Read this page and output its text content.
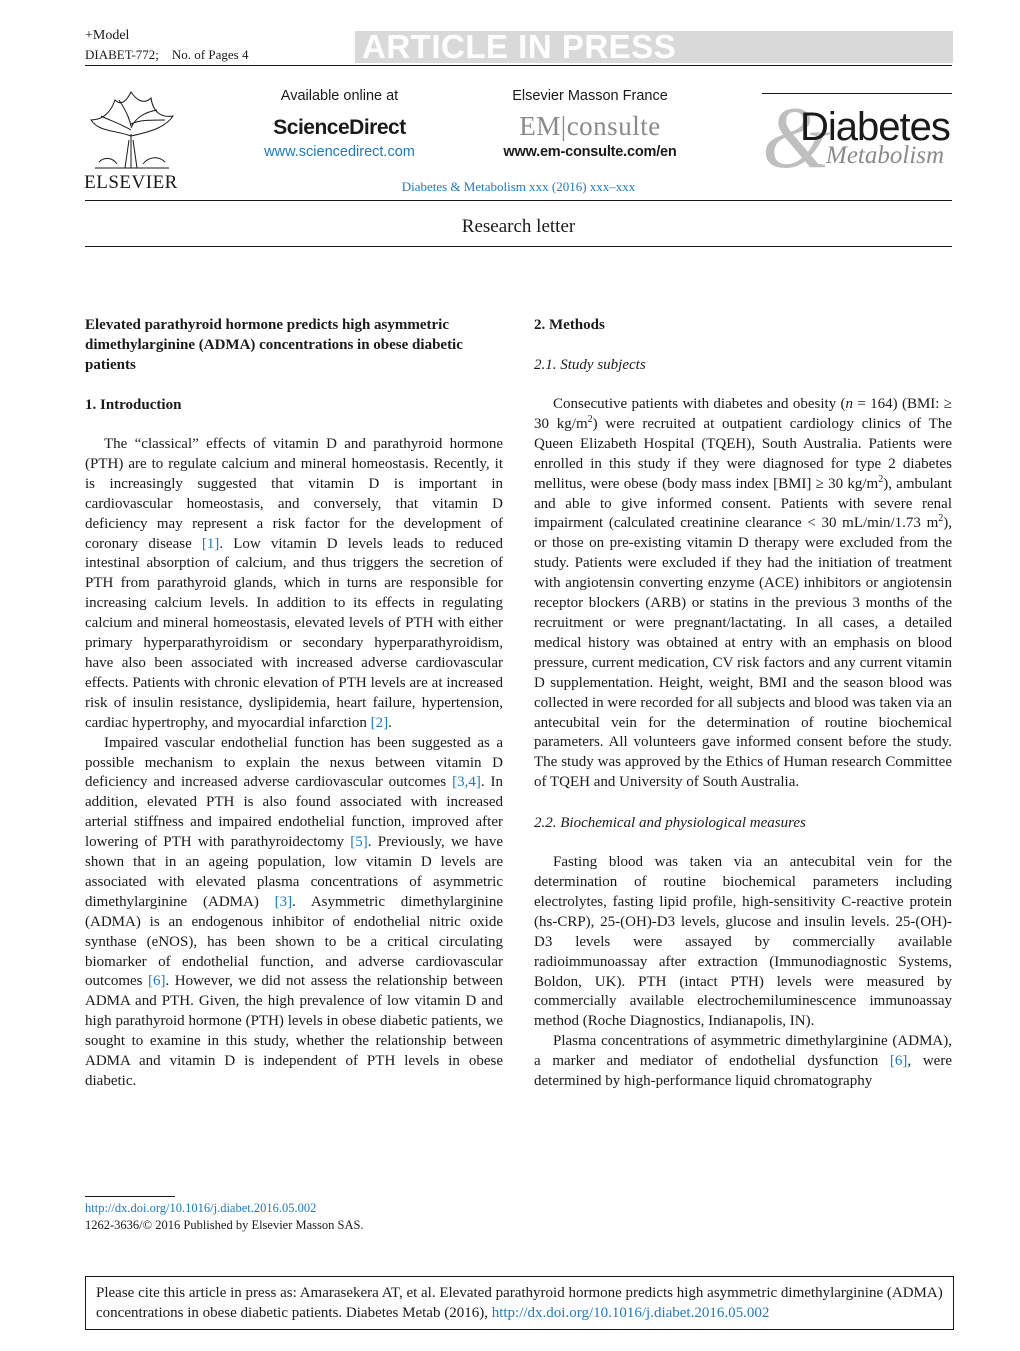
+Model
DIABET-772; No. of Pages 4	ARTICLE IN PRESS
ELSEVIER
Available online at
ScienceDirect
www.sciencedirect.com
Elsevier Masson France
EM|consulte
www.em-consulte.com/en &
Diabetes
Metabolism
Diabetes & Metabolism xxx (2016) xxx–xxx
Research letter
Elevated parathyroid hormone predicts high asymmetric dimethylarginine (ADMA) concentrations in obese diabetic patients
1. Introduction

The “classical” effects of vitamin D and parathyroid hormone (PTH) are to regulate calcium and mineral homeostasis. Recently, it is increasingly suggested that vitamin D is important in cardiovascular homeostasis, and conversely, that vitamin D deficiency may represent a risk factor for the development of coronary disease [1]. Low vitamin D levels leads to reduced intestinal absorption of calcium, and thus triggers the secretion of PTH from parathyroid glands, which in turns are responsible for increasing calcium levels. In addition to its effects in regulating calcium and mineral homeostasis, elevated levels of PTH with either primary hyperparathyroidism or secondary hyperparathyroidism, have also been associated with increased adverse cardiovascular effects. Patients with chronic elevation of PTH levels are at increased risk of insulin resistance, dyslipidemia, heart failure, hypertension, cardiac hypertrophy, and myocardial infarction [2].

Impaired vascular endothelial function has been suggested as a possible mechanism to explain the nexus between vitamin D deficiency and increased adverse cardiovascular outcomes [3,4]. In addition, elevated PTH is also found associated with increased arterial stiffness and impaired endothelial function, improved after lowering of PTH with parathyroidectomy [5]. Previously, we have shown that in an ageing population, low vitamin D levels are associated with elevated plasma concentrations of asymmetric dimethylarginine (ADMA) [3]. Asymmetric dimethylarginine (ADMA) is an endogenous inhibitor of endothelial nitric oxide synthase (eNOS), has been shown to be a critical circulating biomarker of endothelial function, and adverse cardiovascular outcomes [6]. However, we did not assess the relationship between ADMA and PTH. Given, the high prevalence of low vitamin D and high parathyroid hormone (PTH) levels in obese diabetic patients, we sought to examine in this study, whether the relationship between ADMA and vitamin D is independent of PTH levels in obese diabetic.

2. Methods
2.1. Study subjects

Consecutive patients with diabetes and obesity (n = 164) (BMI: ≥ 30 $kg/m^2$) were recruited at outpatient cardiology clinics of The Queen Elizabeth Hospital (TQEH), South Australia. Patients were enrolled in this study if they were diagnosed for type 2 diabetes mellitus, were obese (body mass index [BMI] ≥ 30 $kg/m^2$), ambulant and able to give informed consent. Patients with severe renal impairment (calculated creatinine clearance < 30 mL/min/1.73 $m^2$), or those on pre-existing vitamin D therapy were excluded from the study. Patients were excluded if they had the initiation of treatment with angiotensin converting enzyme (ACE) inhibitors or angiotensin receptor blockers (ARB) or statins in the previous 3 months of the recruitment or were pregnant/lactating. In all cases, a detailed medical history was obtained at entry with an emphasis on blood pressure, current medication, CV risk factors and any current vitamin D supplementation. Height, weight, BMI and the season blood was collected in were recorded for all subjects and blood was taken via an antecubital vein for the determination of routine biochemical parameters. All volunteers gave informed consent before the study. The study was approved by the Ethics of Human research Committee of TQEH and University of South Australia.

2.2. Biochemical and physiological measures

Fasting blood was taken via an antecubital vein for the determination of routine biochemical parameters including electrolytes, fasting lipid profile, high-sensitivity C-reactive protein (hs-CRP), 25-(OH)-D3 levels, glucose and insulin levels. 25-(OH)-D3 levels were assayed by commercially available radioimmunoassay after extraction (Immunodiagnostic Systems, Boldon, UK). PTH (intact PTH) levels were measured by commercially available electrochemiluminescence immunoassay method (Roche Diagnostics, Indianapolis, IN).

Plasma concentrations of asymmetric dimethylarginine (ADMA), a marker and mediator of endothelial dysfunction [6], were determined by high-performance liquid chromatography

http://dx.doi.org/10.1016/j.diabet.2016.05.002
1262-3636/© 2016 Published by Elsevier Masson SAS.
Please cite this article in press as: Amarasekera AT, et al. Elevated parathyroid hormone predicts high asymmetric dimethylarginine (ADMA) concentrations in obese diabetic patients. Diabetes Metab (2016), http://dx.doi.org/10.1016/j.diabet.2016.05.002
